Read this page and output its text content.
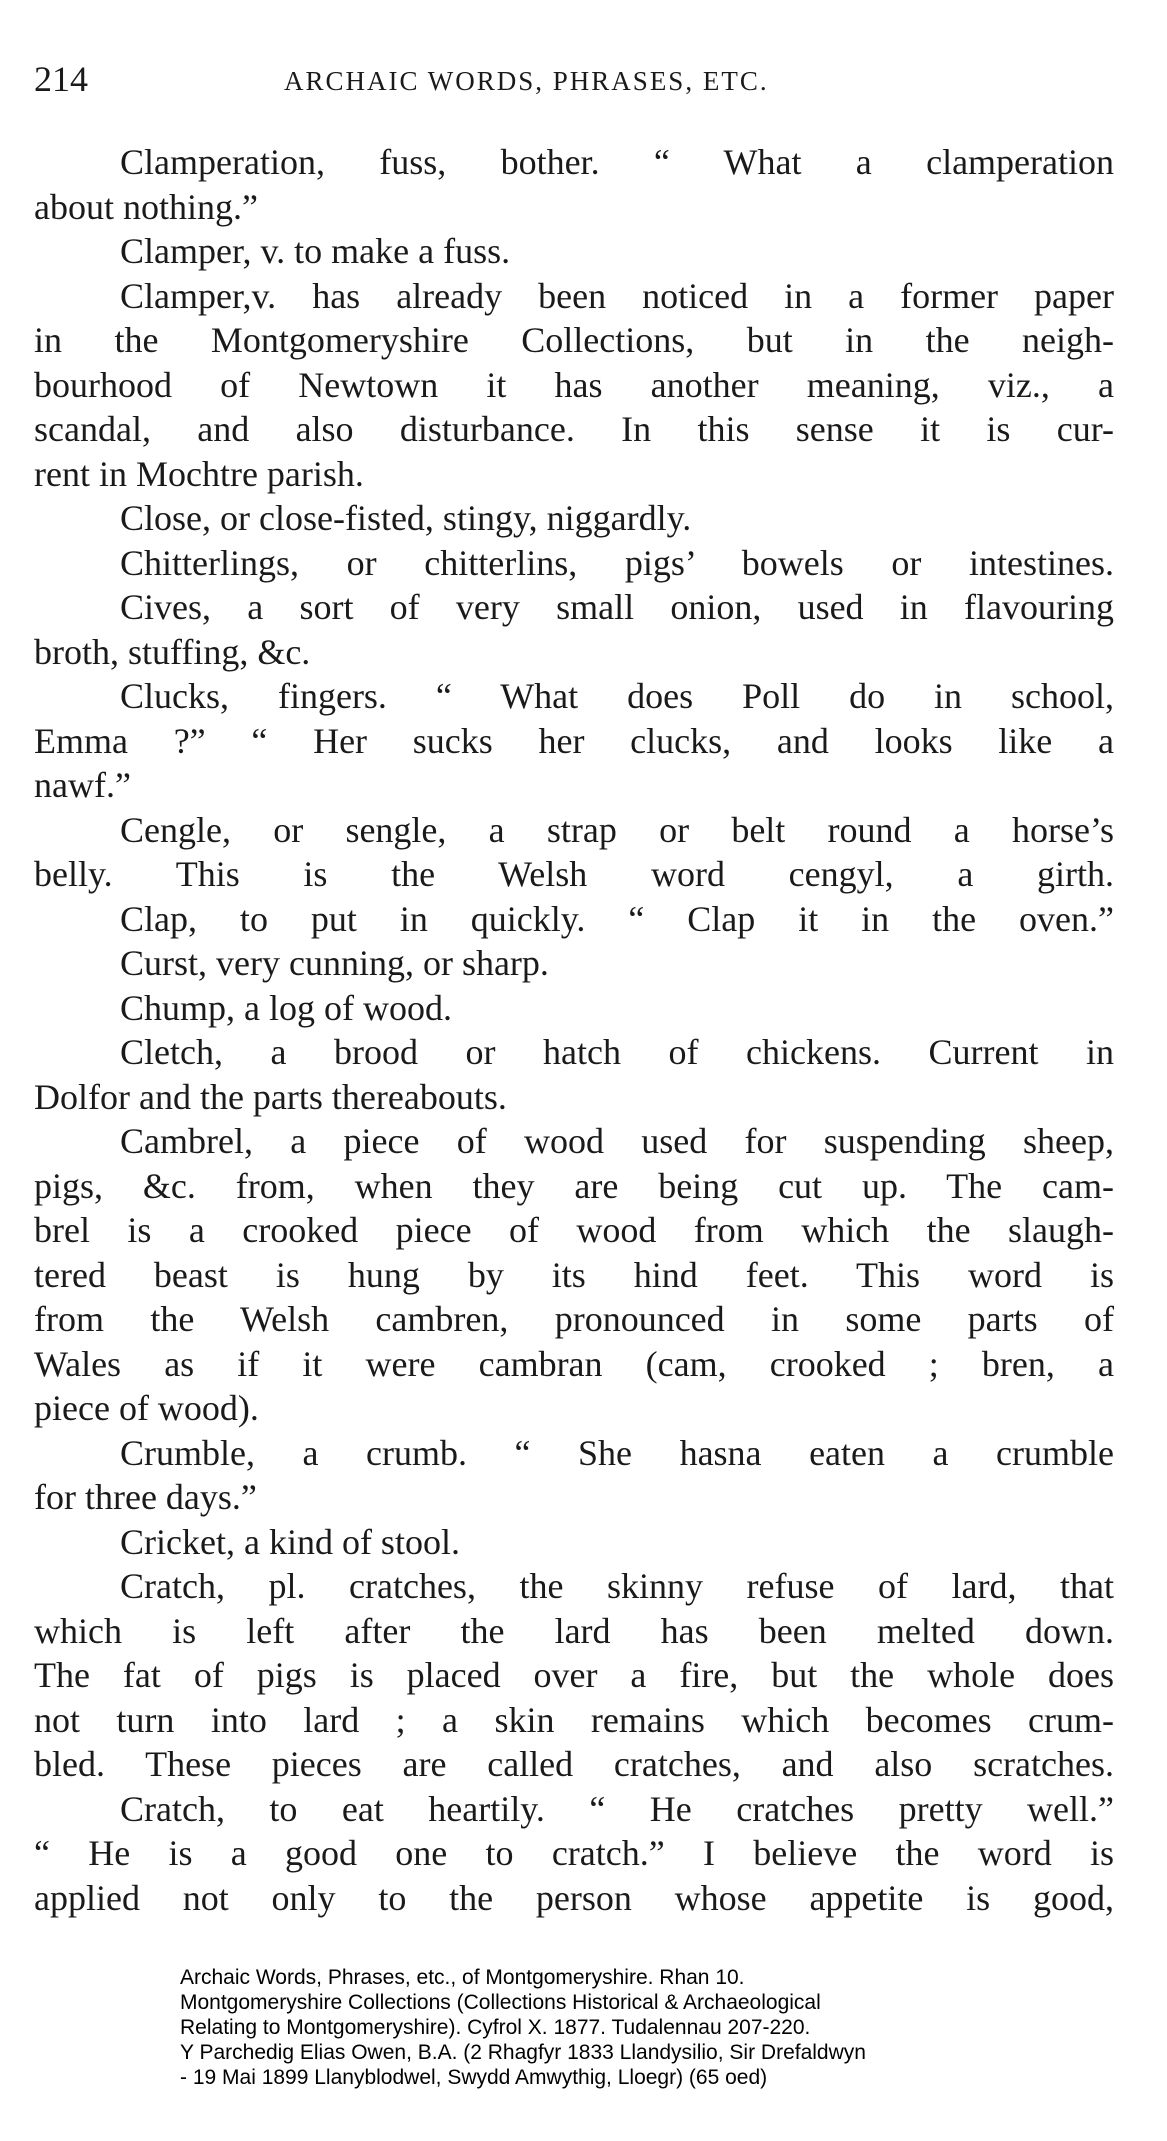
214	ARCHAIC WORDS, PHRASES, ETC.
Clamperation, fuss, bother. “ What a clamperation
about nothing.”
Clamper, v. to make a fuss.
Clamper,v. has already been noticed in a former paper
in the Montgomeryshire Collections, but in the neigh-
bourhood of Newtown it has another meaning, viz., a
scandal, and also disturbance. In this sense it is cur-
rent in Mochtre parish.
Close, or close-fisted, stingy, niggardly.
Chitterlings, or chitterlins, pigs’ bowels or intestines.
Cives, a sort of very small onion, used in flavouring
broth, stuffing, &c.
Clucks, fingers. “ What does Poll do in school,
Emma ?” “ Her sucks her clucks, and looks like a
nawf.”
Cengle, or sengle, a strap or belt round a horse’s
belly. This is the Welsh word cengyl, a girth.
Clap, to put in quickly. “ Clap it in the oven.”
Curst, very cunning, or sharp.
Chump, a log of wood.
Cletch, a brood or hatch of chickens. Current in
Dolfor and the parts thereabouts.
Cambrel, a piece of wood used for suspending sheep,
pigs, &c. from, when they are being cut up. The cam-
brel is a crooked piece of wood from which the slaugh-
tered beast is hung by its hind feet. This word is
from the Welsh cambren, pronounced in some parts of
Wales as if it were cambran (cam, crooked ; bren, a
piece of wood).
Crumble, a crumb. “ She hasna eaten a crumble
for three days.”
Cricket, a kind of stool.
Cratch, pl. cratches, the skinny refuse of lard, that
which is left after the lard has been melted down.
The fat of pigs is placed over a fire, but the whole does
not turn into lard ; a skin remains which becomes crum-
bled. These pieces are called cratches, and also scratches.
Cratch, to eat heartily. “ He cratches pretty well.”
“ He is a good one to cratch.” I believe the word is
applied not only to the person whose appetite is good,
Archaic Words, Phrases, etc., of Montgomeryshire. Rhan 10.
Montgomeryshire Collections (Collections Historical & Archaeological
Relating to Montgomeryshire). Cyfrol X. 1877. Tudalennau 207-220.
Y Parchedig Elias Owen, B.A. (2 Rhagfyr 1833 Llandysilio, Sir Drefaldwyn
- 19 Mai 1899 Llanyblodwel, Swydd Amwythig, Lloegr) (65 oed)
